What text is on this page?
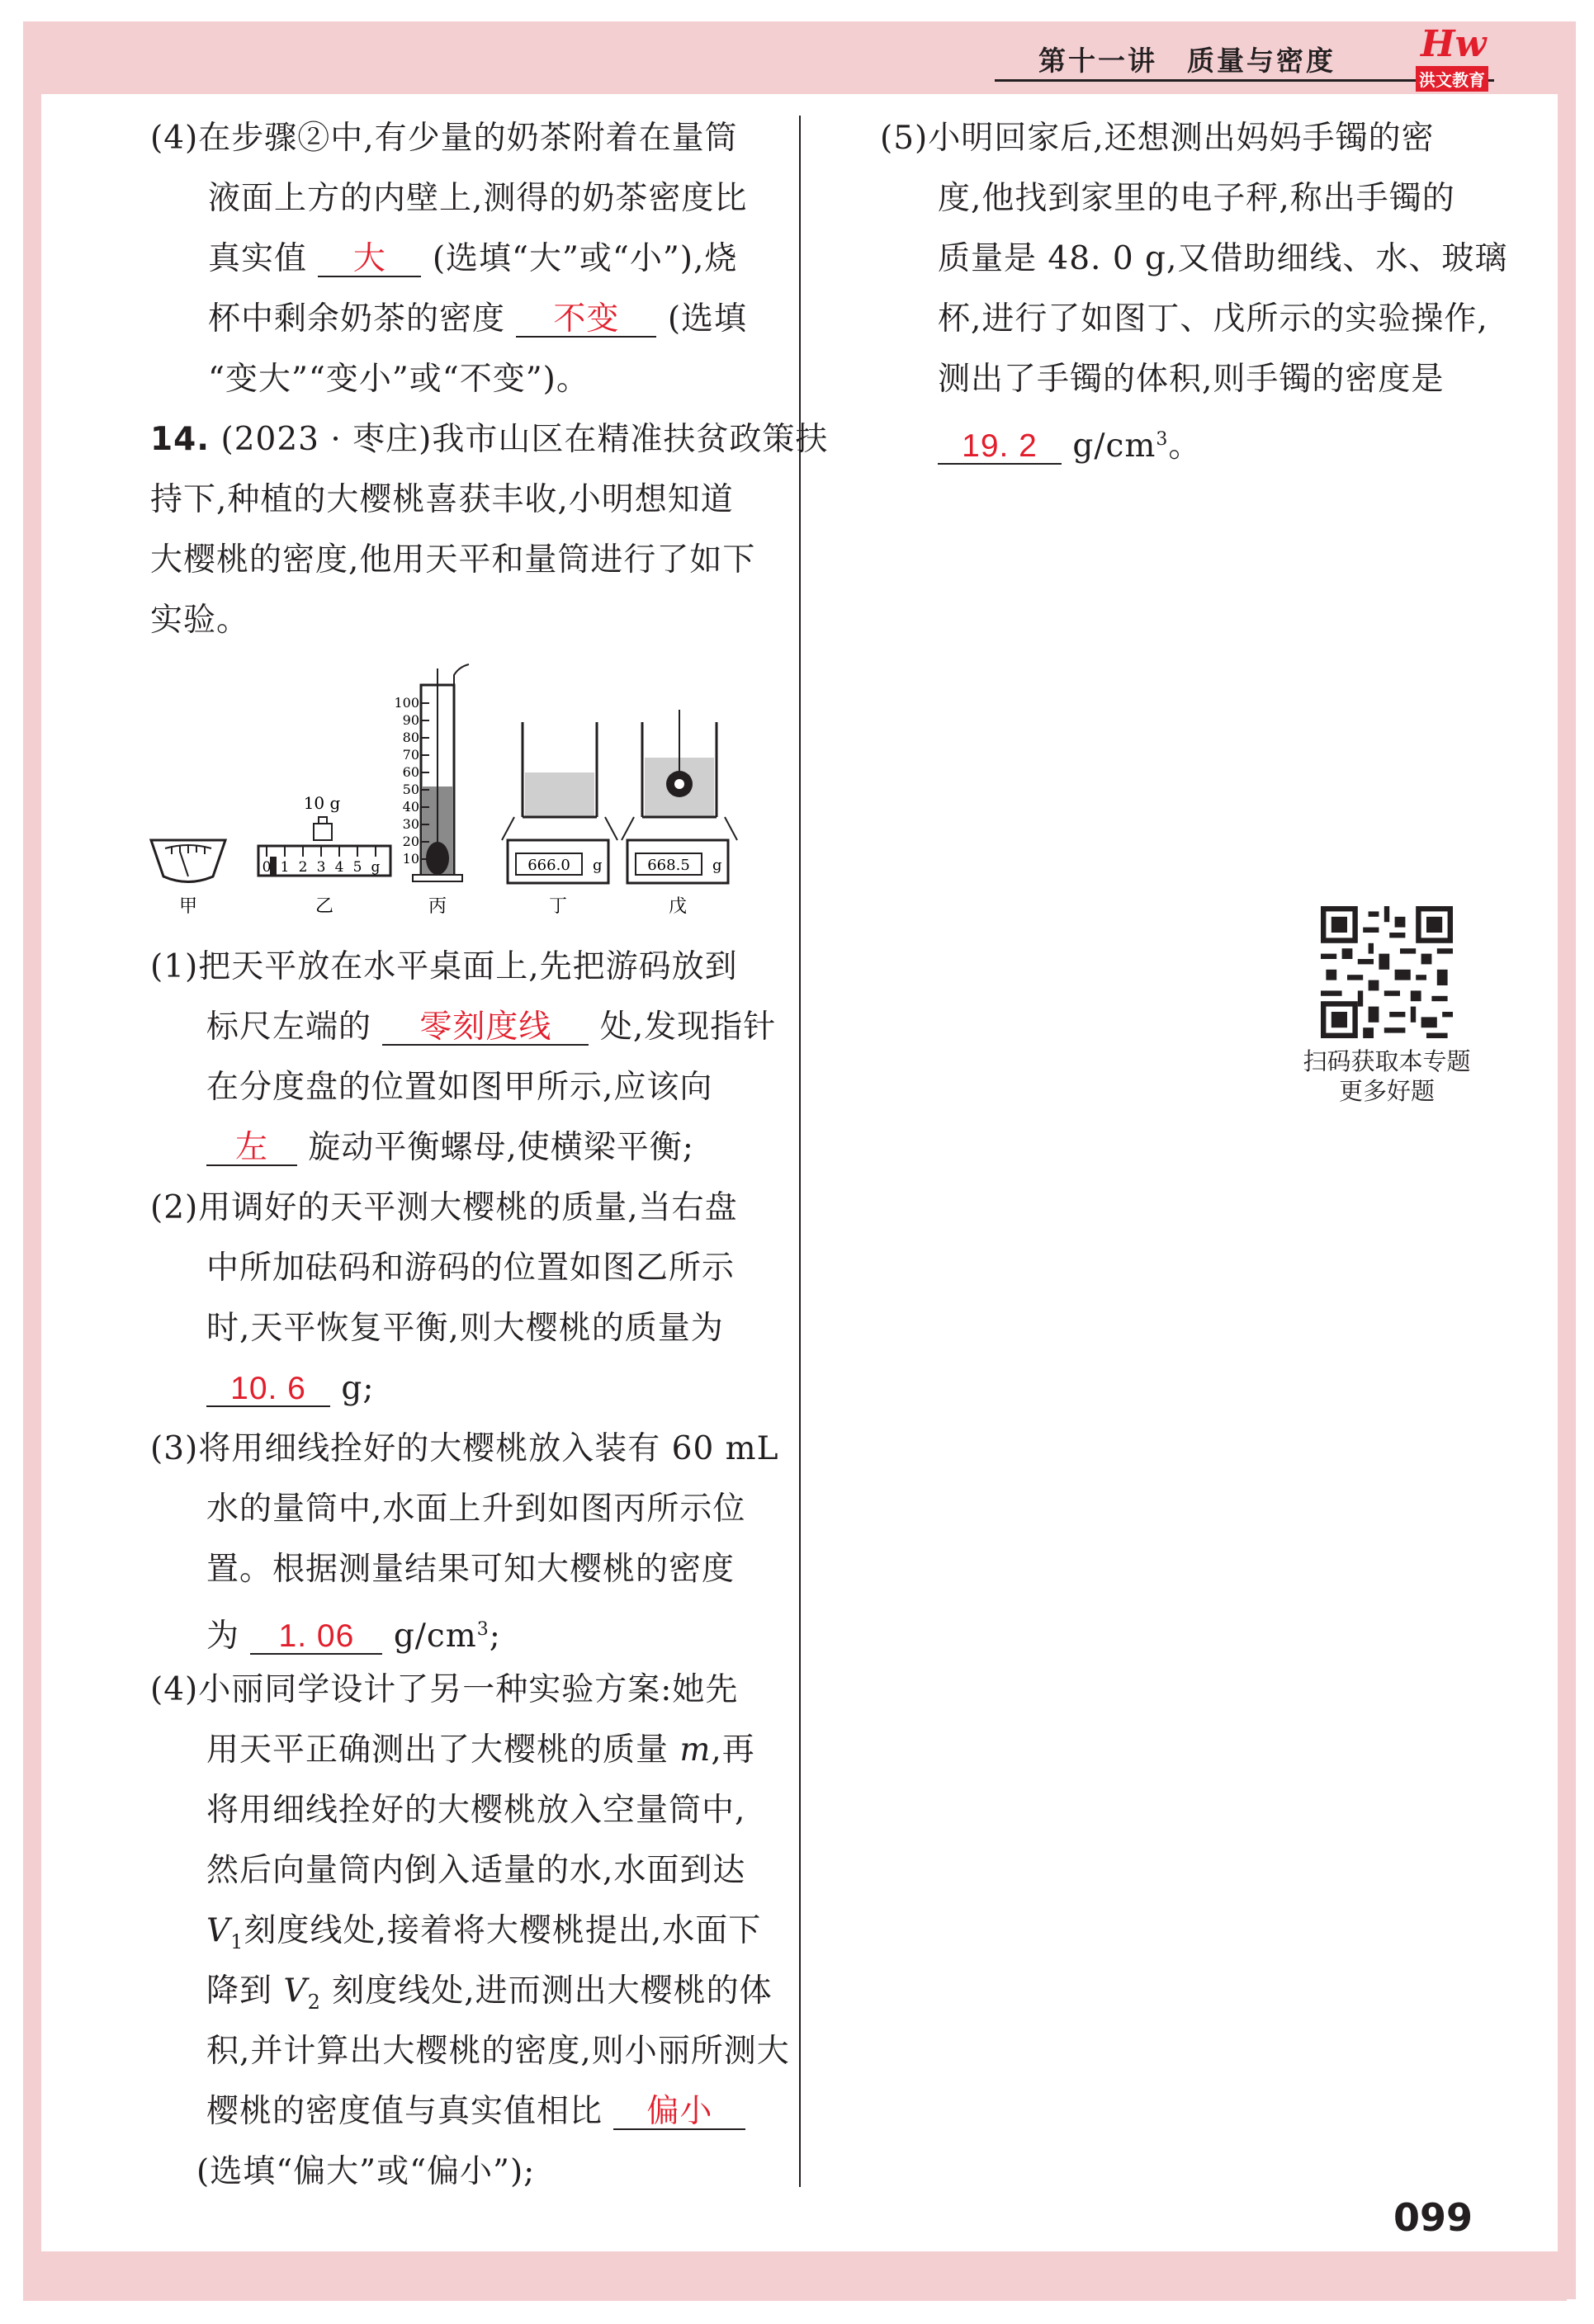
第十一讲　质量与密度 Hw
洪文教育
(4)在步骤②中,有少量的奶茶附着在量筒
液面上方的内壁上,测得的奶茶密度比
真实值 大 (选填“大”或“小”),烧
杯中剩余奶茶的密度 不变 (选填
“变大”“变小”或“不变”)。
14. (2023 · 枣庄)我市山区在精准扶贫政策扶
持下,种植的大樱桃喜获丰收,小明想知道
大樱桃的密度,他用天平和量筒进行了如下
实验。
10 g
0 1 2 3 4 5 g
100
90
80
70
60
50
40
30
20
10	666.0 g	668.5 g
甲	乙	丙	丁	戊
(1)把天平放在水平桌面上,先把游码放到
标尺左端的 零刻度线 处,发现指针
在分度盘的位置如图甲所示,应该向
左 旋动平衡螺母,使横梁平衡;
(2)用调好的天平测大樱桃的质量,当右盘
中所加砝码和游码的位置如图乙所示
时,天平恢复平衡,则大樱桃的质量为
10. 6 g;
(3)将用细线拴好的大樱桃放入装有 60 mL
水的量筒中,水面上升到如图丙所示位
置。根据测量结果可知大樱桃的密度
为 1. 06 $g/cm^3$;
(4)小丽同学设计了另一种实验方案:她先
用天平正确测出了大樱桃的质量 m,再
将用细线拴好的大樱桃放入空量筒中,
然后向量筒内倒入适量的水,水面到达
$V_1$刻度线处,接着将大樱桃提出,水面下
降到 $V_2$ 刻度线处,进而测出大樱桃的体
积,并计算出大樱桃的密度,则小丽所测大
樱桃的密度值与真实值相比 偏小
(选填“偏大”或“偏小”);
(5)小明回家后,还想测出妈妈手镯的密
度,他找到家里的电子秤,称出手镯的
质量是 48. 0 g,又借助细线、水、玻璃
杯,进行了如图丁、戊所示的实验操作,
测出了手镯的体积,则手镯的密度是
19. 2 $g/cm^3$。
扫码获取本专题
更多好题
099
